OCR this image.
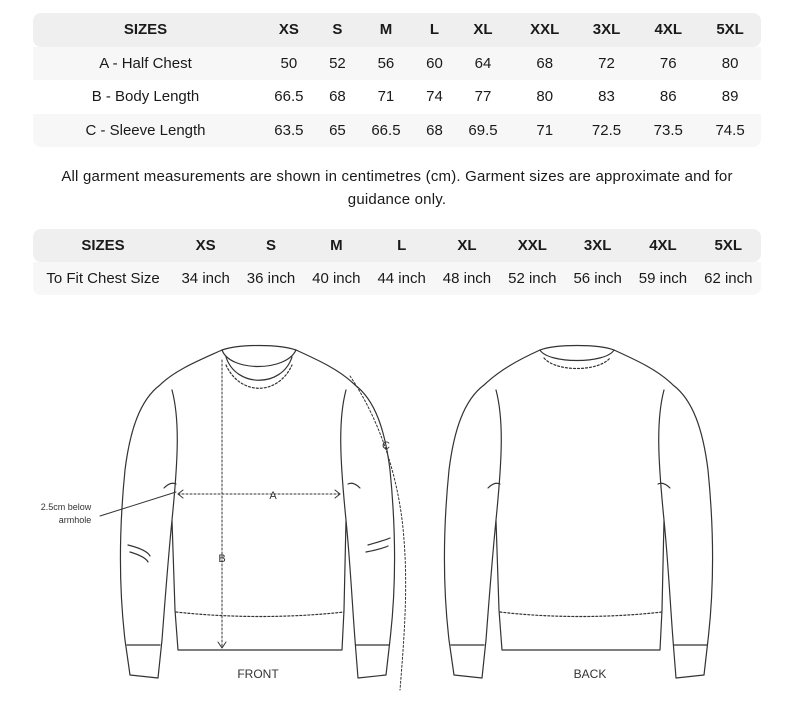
SIZES	XS	S	M	L	XL	XXL	3XL	4XL	5XL
A - Half Chest	50	52	56	60	64	68	72	76	80
B - Body Length	66.5	68	71	74	77	80	83	86	89
C - Sleeve Length	63.5	65	66.5	68	69.5	71	72.5	73.5	74.5
All garment measurements are shown in centimetres (cm). Garment sizes are approximate and for guidance only.
SIZES	XS	S	M	L	XL	XXL	3XL	4XL	5XL
To Fit Chest Size	34 inch	36 inch	40 inch	44 inch	48 inch	52 inch	56 inch	59 inch	62 inch
A
B
C
2.5cm below
armhole
FRONT	BACK
